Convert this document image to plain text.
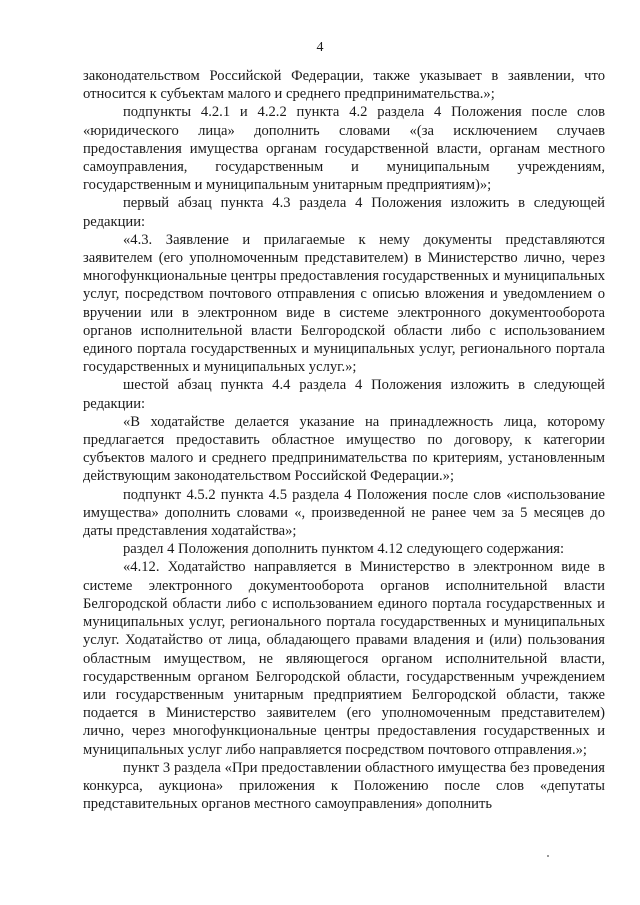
4

законодательством Российской Федерации, также указывает в заявлении, что относится к субъектам малого и среднего предпринимательства.»;

подпункты 4.2.1 и 4.2.2 пункта 4.2 раздела 4 Положения после слов «юридического лица» дополнить словами «(за исключением случаев предоставления имущества органам государственной власти, органам местного самоуправления, государственным и муниципальным учреждениям, государственным и муниципальным унитарным предприятиям)»;

первый абзац пункта 4.3 раздела 4 Положения изложить в следующей редакции:

«4.3. Заявление и прилагаемые к нему документы представляются заявителем (его уполномоченным представителем) в Министерство лично, через многофункциональные центры предоставления государственных и муниципальных услуг, посредством почтового отправления с описью вложения и уведомлением о вручении или в электронном виде в системе электронного документооборота органов исполнительной власти Белгородской области либо с использованием единого портала государственных и муниципальных услуг, регионального портала государственных и муниципальных услуг.»;

шестой абзац пункта 4.4 раздела 4 Положения изложить в следующей редакции:

«В ходатайстве делается указание на принадлежность лица, которому предлагается предоставить областное имущество по договору, к категории субъектов малого и среднего предпринимательства по критериям, установленным действующим законодательством Российской Федерации.»;

подпункт 4.5.2 пункта 4.5 раздела 4 Положения после слов «использование имущества» дополнить словами «, произведенной не ранее чем за 5 месяцев до даты представления ходатайства»;

раздел 4 Положения дополнить пунктом 4.12 следующего содержания:

«4.12. Ходатайство направляется в Министерство в электронном виде в системе электронного документооборота органов исполнительной власти Белгородской области либо с использованием единого портала государственных и муниципальных услуг, регионального портала государственных и муниципальных услуг. Ходатайство от лица, обладающего правами владения и (или) пользования областным имуществом, не являющегося органом исполнительной власти, государственным органом Белгородской области, государственным учреждением или государственным унитарным предприятием Белгородской области, также подается в Министерство заявителем (его уполномоченным представителем) лично, через многофункциональные центры предоставления государственных и муниципальных услуг либо направляется посредством почтового отправления.»;

пункт 3 раздела «При предоставлении областного имущества без проведения конкурса, аукциона» приложения к Положению после слов «депутаты представительных органов местного самоуправления» дополнить
